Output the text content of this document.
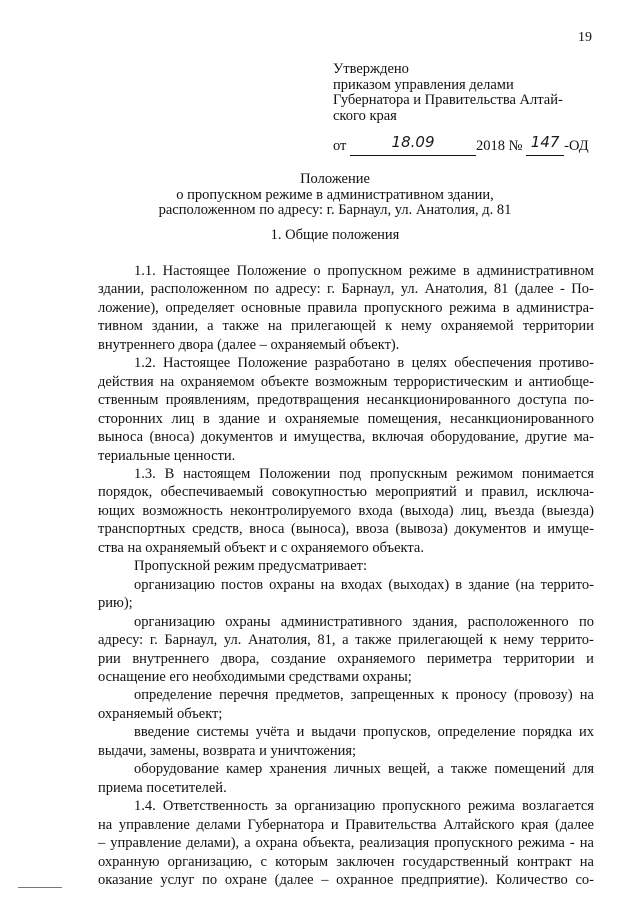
19
Утверждено
приказом управления делами
Губернатора и Правительства Алтай-
ского края
от	18.09	2018 № 147 -ОД
Положение
о пропускном режиме в административном здании,
расположенном по адресу: г. Барнаул, ул. Анатолия, д. 81
1. Общие положения
1.1. Настоящее Положение о пропускном режиме в административном
здании, расположенном по адресу: г. Барнаул, ул. Анатолия, 81 (далее - По-
ложение), определяет основные правила пропускного режима в администра-
тивном здании, а также на прилегающей к нему охраняемой территории
внутреннего двора (далее – охраняемый объект).
1.2. Настоящее Положение разработано в целях обеспечения противо-
действия на охраняемом объекте возможным террористическим и антиобще-
ственным проявлениям, предотвращения несанкционированного доступа по-
сторонних лиц в здание и охраняемые помещения, несанкционированного
выноса (вноса) документов и имущества, включая оборудование, другие ма-
териальные ценности.
1.3. В настоящем Положении под пропускным режимом понимается
порядок, обеспечиваемый совокупностью мероприятий и правил, исключа-
ющих возможность неконтролируемого входа (выхода) лиц, въезда (выезда)
транспортных средств, вноса (выноса), ввоза (вывоза) документов и имуще-
ства на охраняемый объект и с охраняемого объекта.
Пропускной режим предусматривает:
организацию постов охраны на входах (выходах) в здание (на террито-
рию);
организацию охраны административного здания, расположенного по
адресу: г. Барнаул, ул. Анатолия, 81, а также прилегающей к нему террито-
рии внутреннего двора, создание охраняемого периметра территории и
оснащение его необходимыми средствами охраны;
определение перечня предметов, запрещенных к проносу (провозу) на
охраняемый объект;
введение системы учёта и выдачи пропусков, определение порядка их
выдачи, замены, возврата и уничтожения;
оборудование камер хранения личных вещей, а также помещений для
приема посетителей.
1.4. Ответственность за организацию пропускного режима возлагается
на управление делами Губернатора и Правительства Алтайского края (далее
– управление делами), а охрана объекта, реализация пропускного режима - на
охранную организацию, с которым заключен государственный контракт на
оказание услуг по охране (далее – охранное предприятие). Количество со-
